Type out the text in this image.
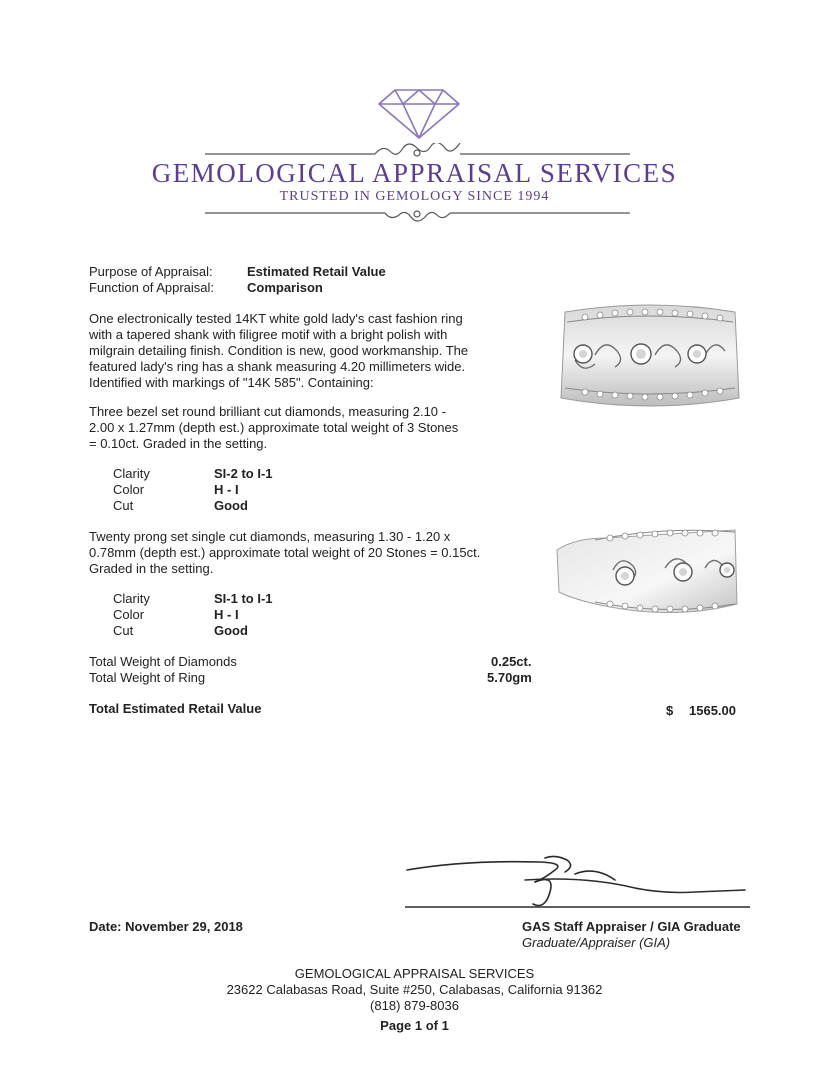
GEMOLOGICAL APPRAISAL SERVICES
TRUSTED IN GEMOLOGY SINCE 1994
Purpose of Appraisal:	Estimated Retail Value
Function of Appraisal:	Comparison
One electronically tested 14KT white gold lady's cast fashion ring
with a tapered shank with filigree motif with a bright polish with
milgrain detailing finish. Condition is new, good workmanship. The
featured lady's ring has a shank measuring 4.20 millimeters wide.
Identified with markings of "14K 585". Containing:
Three bezel set round brilliant cut diamonds, measuring 2.10 -
2.00 x 1.27mm (depth est.) approximate total weight of 3 Stones
= 0.10ct. Graded in the setting.
Clarity	SI-2 to I-1
Color	H - I
Cut	Good
Twenty prong set single cut diamonds, measuring 1.30 - 1.20 x
0.78mm (depth est.) approximate total weight of 20 Stones = 0.15ct.
Graded in the setting.
Clarity	SI-1 to I-1
Color	H - I
Cut	Good
Total Weight of Diamonds	0.25ct.
Total Weight of Ring	5.70gm
Total Estimated Retail Value	$ 1565.00
Date: November 29, 2018	GAS Staff Appraiser / GIA Graduate
Graduate/Appraiser (GIA)
GEMOLOGICAL APPRAISAL SERVICES
23622 Calabasas Road, Suite #250, Calabasas, California 91362
(818) 879-8036
Page 1 of 1
